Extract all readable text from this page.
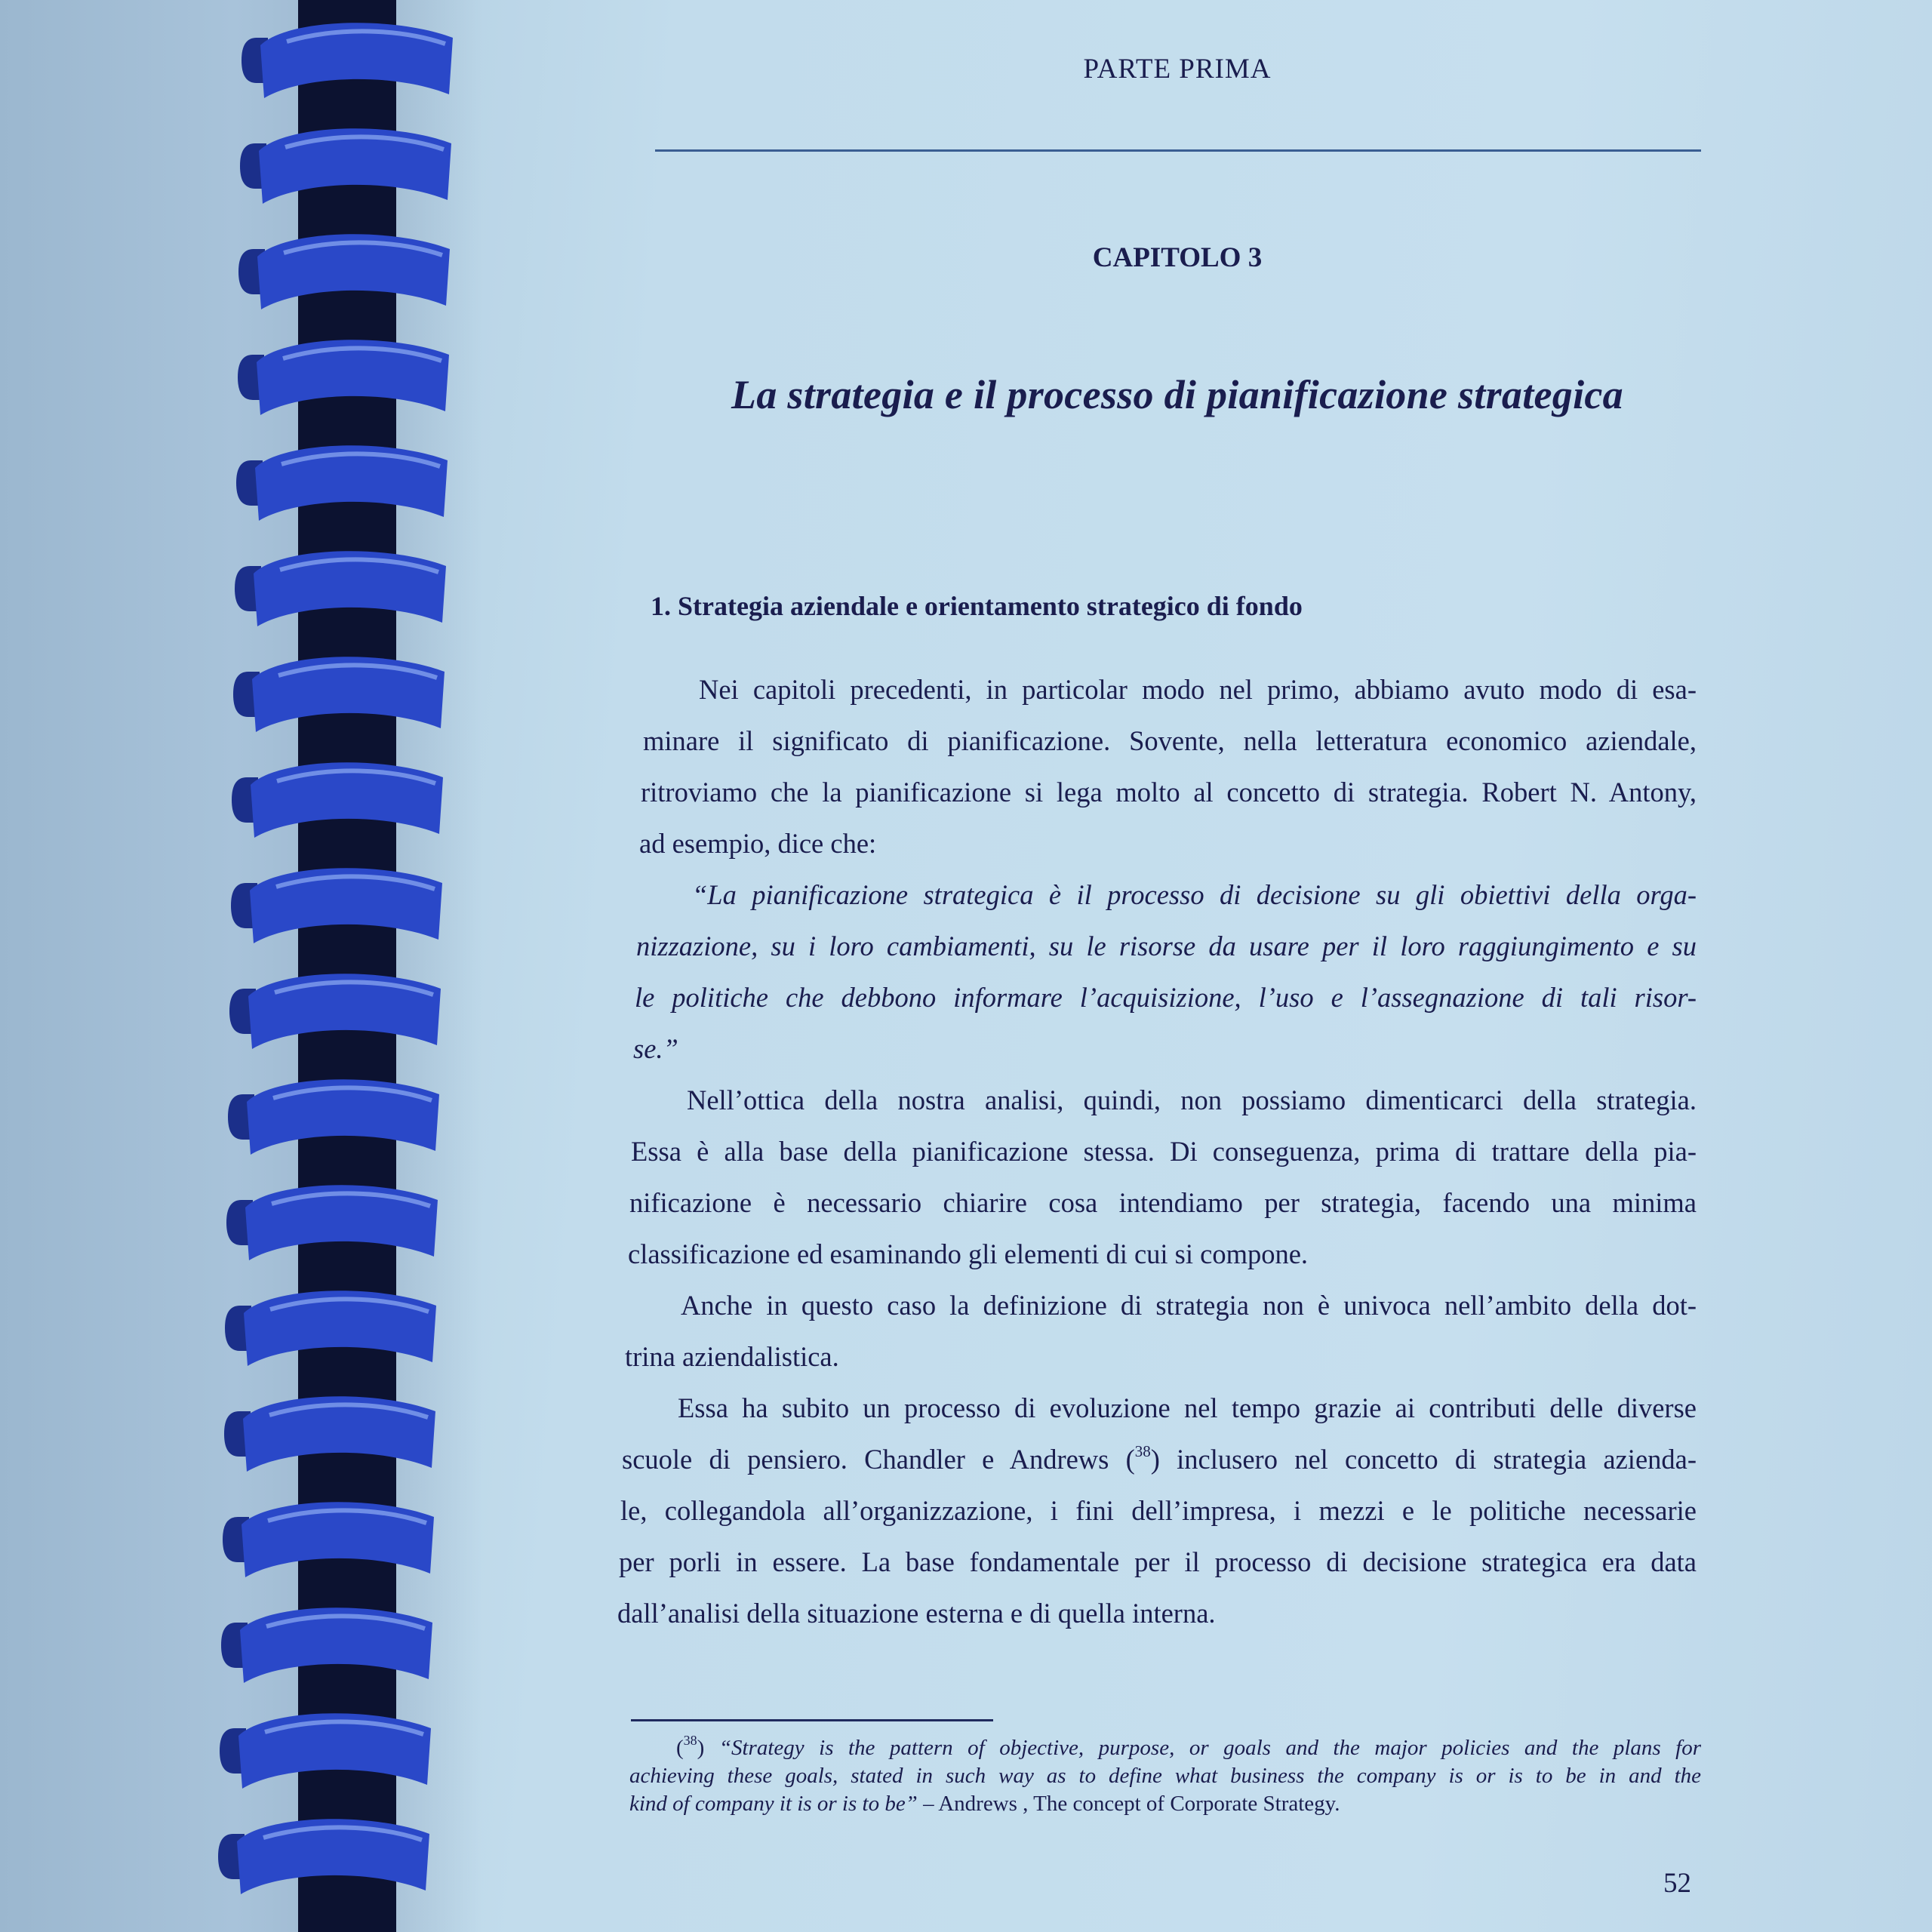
PARTE PRIMA
CAPITOLO 3
La strategia e il processo di pianificazione strategica
1. Strategia aziendale e orientamento strategico di fondo
Nei capitoli precedenti, in particolar modo nel primo, abbiamo avuto modo di esa-
minare il significato di pianificazione. Sovente, nella letteratura economico aziendale,
ritroviamo che la pianificazione si lega molto al concetto di strategia. Robert N. Antony,
ad esempio, dice che:
“La pianificazione strategica è il processo di decisione su gli obiettivi della orga-
nizzazione, su i loro cambiamenti, su le risorse da usare per il loro raggiungimento e su
le politiche che debbono informare l’acquisizione, l’uso e l’assegnazione di tali risor-
se.”
Nell’ottica della nostra analisi, quindi, non possiamo dimenticarci della strategia.
Essa è alla base della pianificazione stessa. Di conseguenza, prima di trattare della pia-
nificazione è necessario chiarire cosa intendiamo per strategia, facendo una minima
classificazione ed esaminando gli elementi di cui si compone.
Anche in questo caso la definizione di strategia non è univoca nell’ambito della dot-
trina aziendalistica.
Essa ha subito un processo di evoluzione nel tempo grazie ai contributi delle diverse
scuole di pensiero. Chandler e Andrews ($^{38}$) inclusero nel concetto di strategia azienda-
le, collegandola all’organizzazione, i fini dell’impresa, i mezzi e le politiche necessarie
per porli in essere. La base fondamentale per il processo di decisione strategica era data
dall’analisi della situazione esterna e di quella interna.
($^{38}$) “Strategy is the pattern of objective, purpose, or goals and the major policies and the plans for
achieving these goals, stated in such way as to define what business the company is or is to be in and the
kind of company it is or is to be” – Andrews , The concept of Corporate Strategy.
52
